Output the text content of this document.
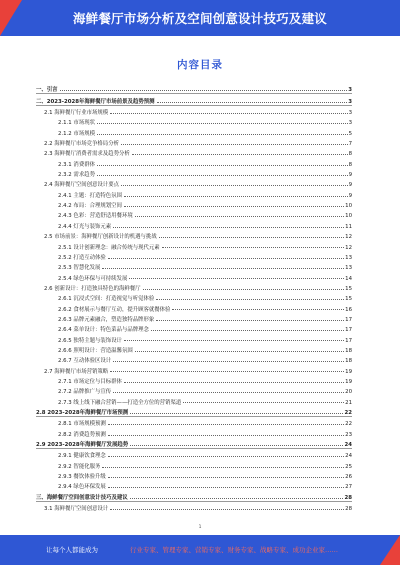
海鲜餐厅市场分析及空间创意设计技巧及建议
内容目录
一、引言	3
二、2023-2028年海鲜餐厅市场前景及趋势预测	3
2.1 海鲜餐厅行业市场规模	3
2.1.1 市场现状	3
2.1.2 市场规模	5
2.2 海鲜餐厅市场竞争格局分析	7
2.3 海鲜餐厅消费者需求及趋势分析	8
2.3.1 消费群体	8
2.3.2 需求趋势	9
2.4 海鲜餐厅空间创意设计要点	9
2.4.1 主题：打造特色氛围	9
2.4.2 布局：合理规划空间	10
2.4.3 色彩：营造舒适用餐环境	10
2.4.4 灯光与装饰元素	11
2.5 市场前景：海鲜餐厅创新设计的机遇与挑战	12
2.5.1 设计创新理念：融合传统与现代元素	12
2.5.2 打造互动体验	13
2.5.3 智慧化发展	13
2.5.4 绿色环保与可持续发展	14
2.6 创新设计：打造独具特色的海鲜餐厅	15
2.6.1 沉浸式空间：打造视觉与听觉体验	15
2.6.2 食材展示与餐厅互动，提升顾客就餐体验	16
2.6.3 品牌元素融合，塑造独特品牌形象	17
2.6.4 菜单设计：特色菜品与品牌理念	17
2.6.5 独特主题与装饰设计	17
2.6.6 照明设计：营造温馨氛围	18
2.6.7 互动体验区设计	18
2.7 海鲜餐厅市场营销策略	19
2.7.1 市场定位与目标群体	19
2.7.2 品牌推广与宣传	20
2.7.3 线上线下融合营销——打造全方位的营销渠道	21
2.8 2023-2028年海鲜餐厅市场预测	22
2.8.1 市场规模预测	22
2.8.2 消费趋势预测	23
2.9 2023-2028年海鲜餐厅发展趋势	24
2.9.1 健康饮食理念	24
2.9.2 智能化服务	25
2.9.3 餐饮体验升级	26
2.9.4 绿色环保发展	27
三、海鲜餐厅空间创意设计技巧及建议	28
3.1 海鲜餐厅空间创意设计	28
1
让每个人都能成为	行业专家、管理专家、营销专家、财务专家、战略专家、成功企业家……
